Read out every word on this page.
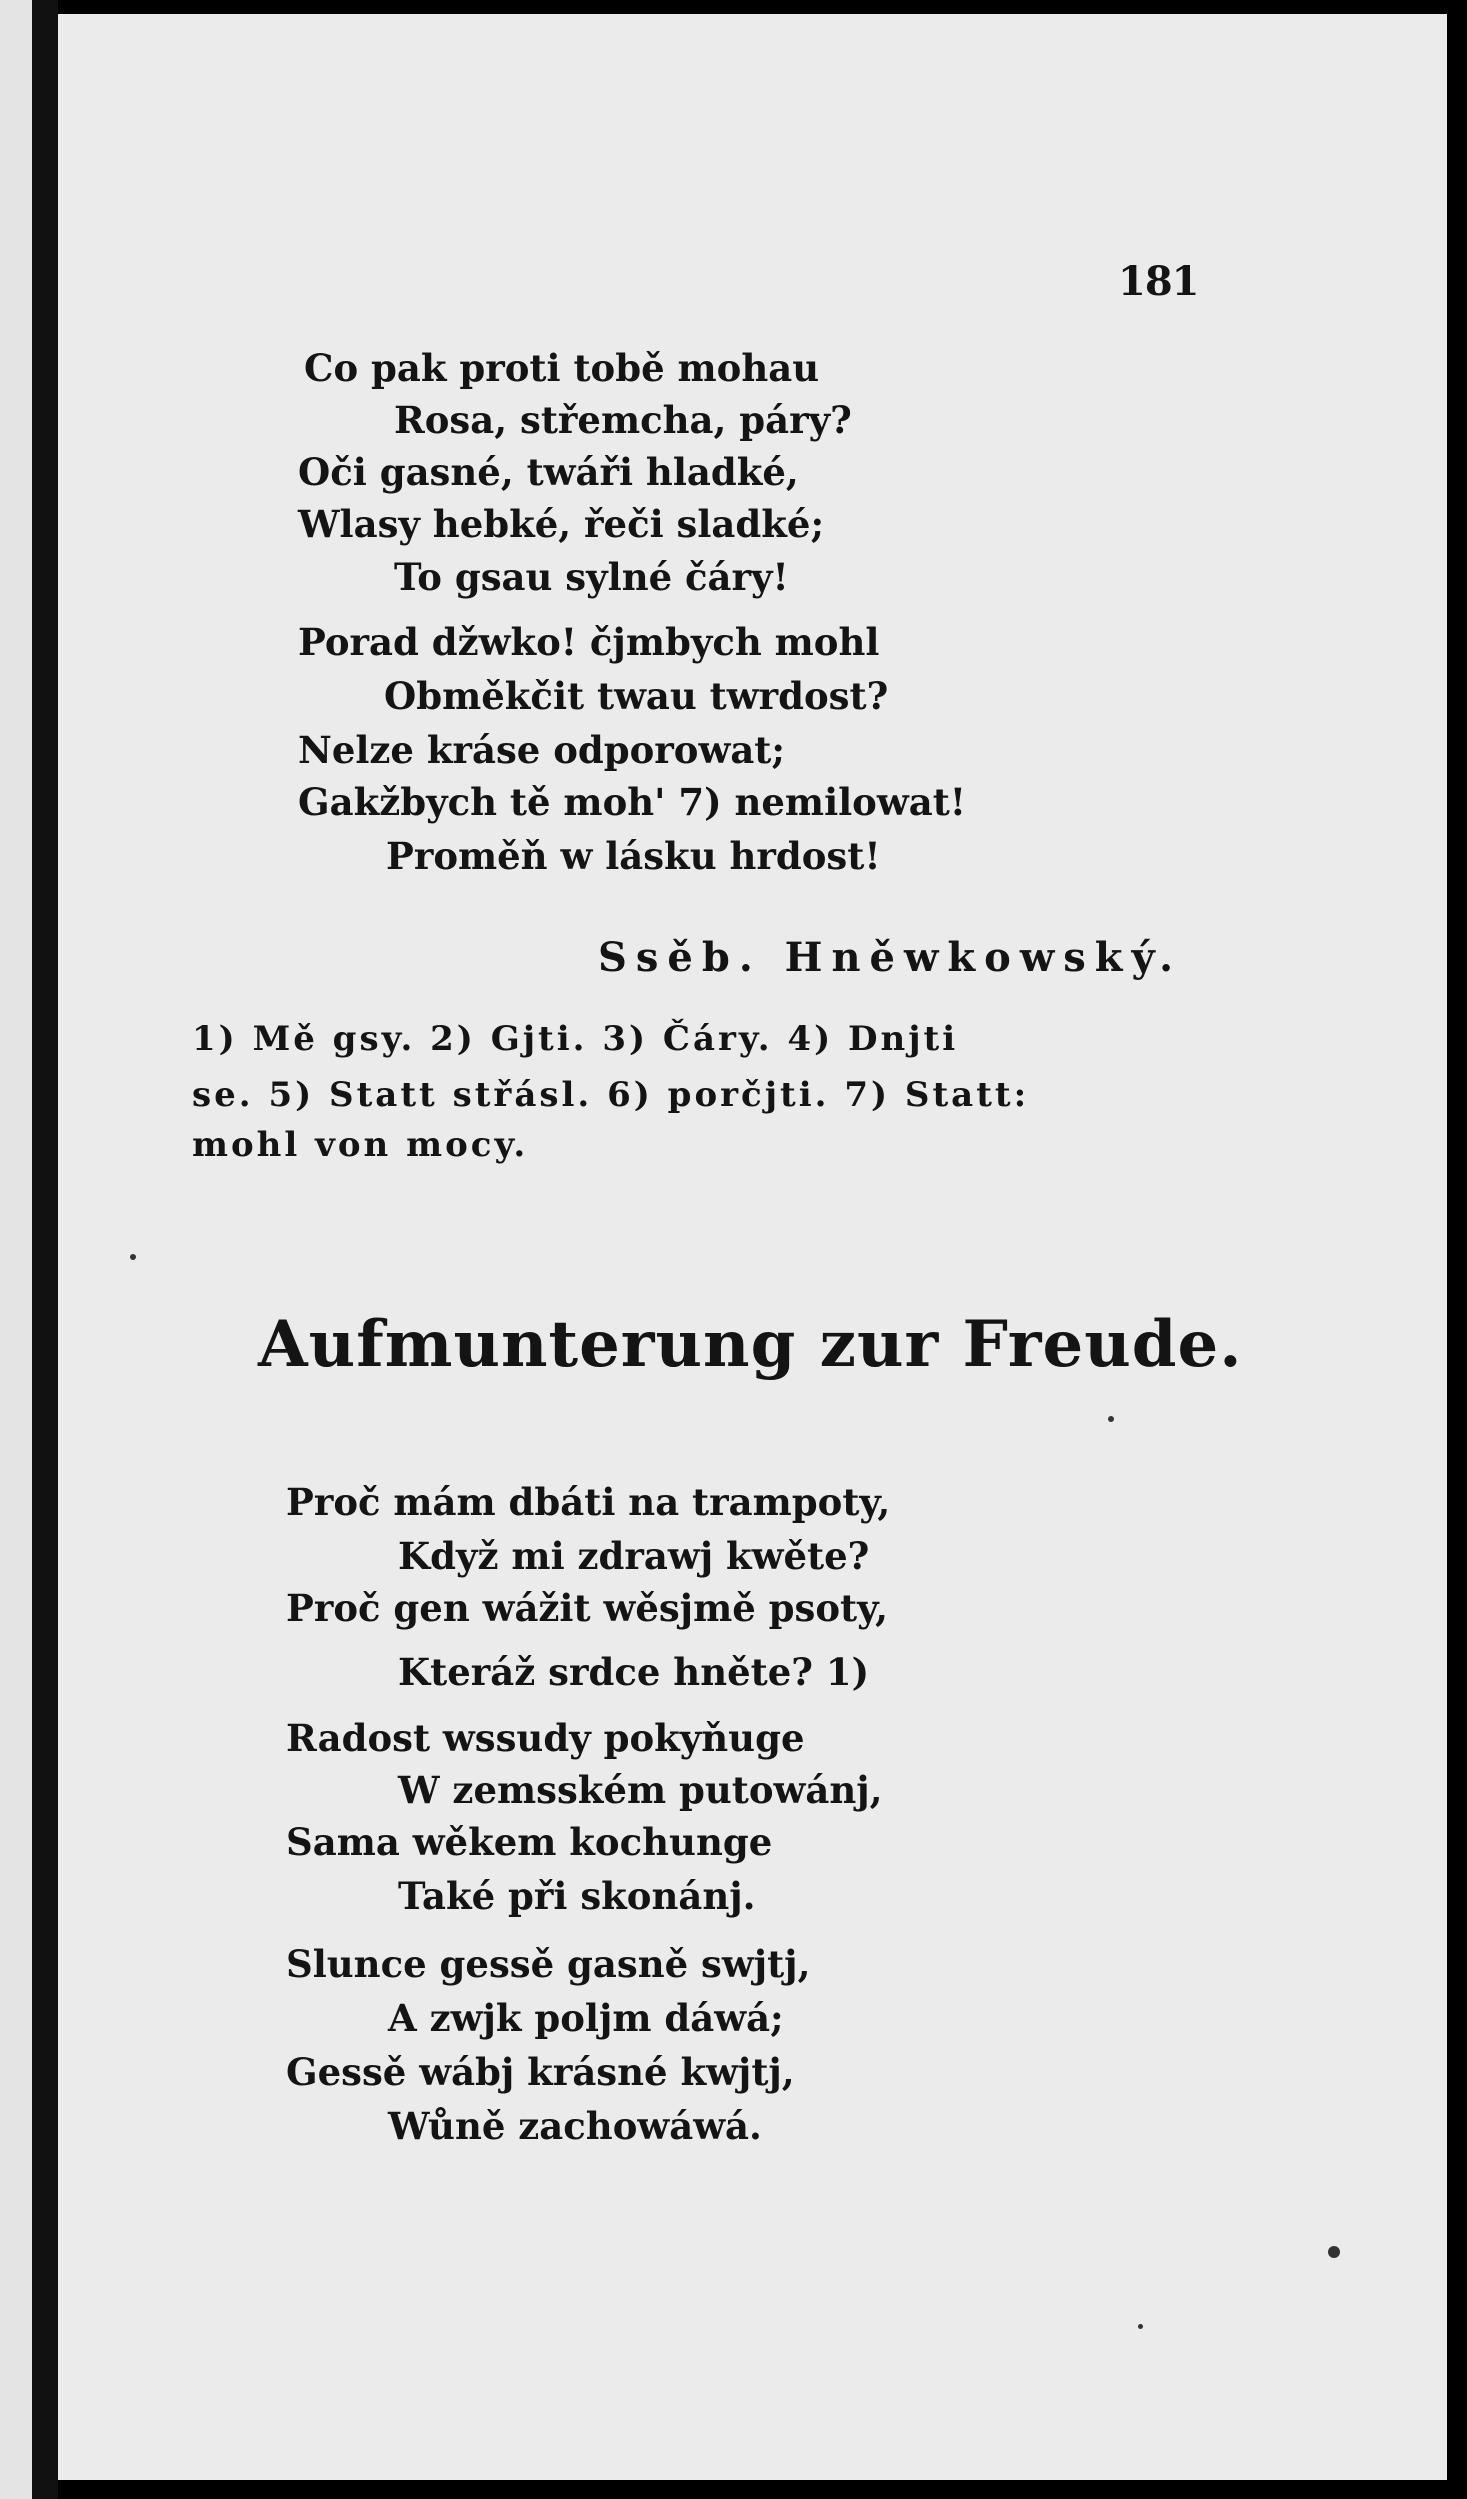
181
Co pak proti tobě mohau
Rosa, střemcha, páry?
Oči gasné, twáři hladké,
Wlasy hebké, řeči sladké;
To gsau sylné čáry!
Porad džwko! čjmbych mohl
Obměkčit twau twrdost?
Nelze kráse odporowat;
Gakžbych tě moh' 7) nemilowat!
Proměň w lásku hrdost!
Ssěb. Hněwkowský.
1) Mě gsy. 2) Gjti. 3) Čáry. 4) Dnjti
se. 5) Statt střásl. 6) porčjti. 7) Statt:
mohl von mocy.
Aufmunterung zur Freude.
Proč mám dbáti na trampoty,
Když mi zdrawj kwěte?
Proč gen wážit wěsjmě psoty,
Kteráž srdce hněte? 1)
Radost wssudy pokyňuge
W zemsském putowánj,
Sama wěkem kochunge
Také při skonánj.
Slunce gessě gasně swjtj,
A zwjk poljm dáwá;
Gessě wábj krásné kwjtj,
Wůně zachowáwá.
